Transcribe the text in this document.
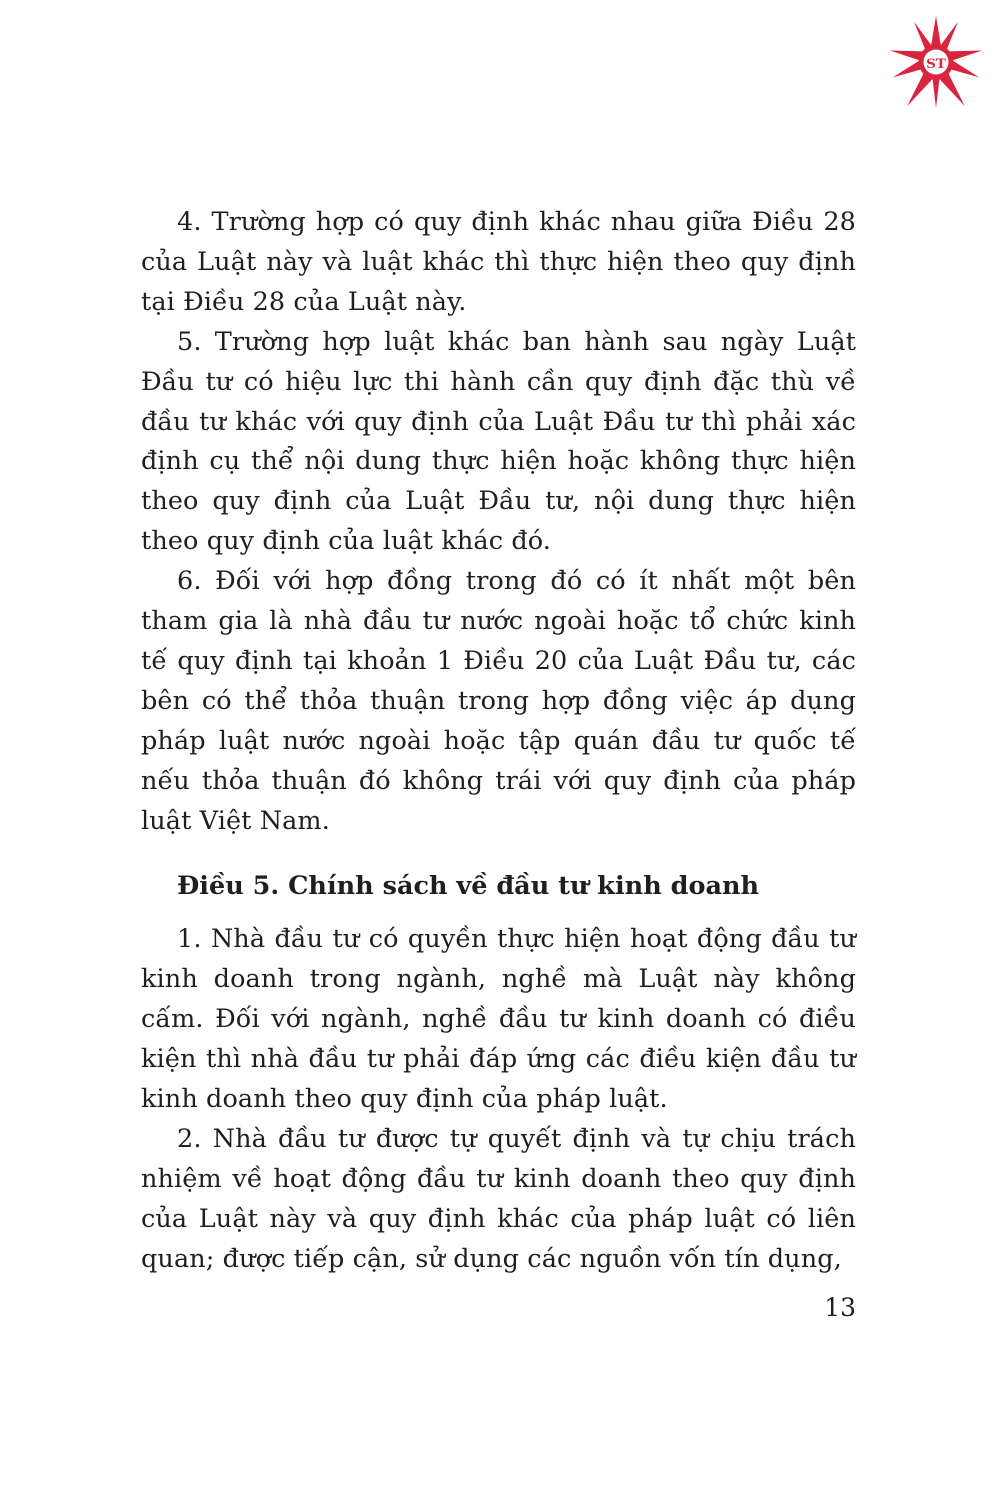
ST

4. Trường hợp có quy định khác nhau giữa Điều 28 của Luật này và luật khác thì thực hiện theo quy định tại Điều 28 của Luật này.

5. Trường hợp luật khác ban hành sau ngày Luật Đầu tư có hiệu lực thi hành cần quy định đặc thù về đầu tư khác với quy định của Luật Đầu tư thì phải xác định cụ thể nội dung thực hiện hoặc không thực hiện theo quy định của Luật Đầu tư, nội dung thực hiện theo quy định của luật khác đó.

6. Đối với hợp đồng trong đó có ít nhất một bên tham gia là nhà đầu tư nước ngoài hoặc tổ chức kinh tế quy định tại khoản 1 Điều 20 của Luật Đầu tư, các bên có thể thỏa thuận trong hợp đồng việc áp dụng pháp luật nước ngoài hoặc tập quán đầu tư quốc tế nếu thỏa thuận đó không trái với quy định của pháp luật Việt Nam.

Điều 5. Chính sách về đầu tư kinh doanh

1. Nhà đầu tư có quyền thực hiện hoạt động đầu tư kinh doanh trong ngành, nghề mà Luật này không cấm. Đối với ngành, nghề đầu tư kinh doanh có điều kiện thì nhà đầu tư phải đáp ứng các điều kiện đầu tư kinh doanh theo quy định của pháp luật.

2. Nhà đầu tư được tự quyết định và tự chịu trách nhiệm về hoạt động đầu tư kinh doanh theo quy định của Luật này và quy định khác của pháp luật có liên quan; được tiếp cận, sử dụng các nguồn vốn tín dụng,

13
